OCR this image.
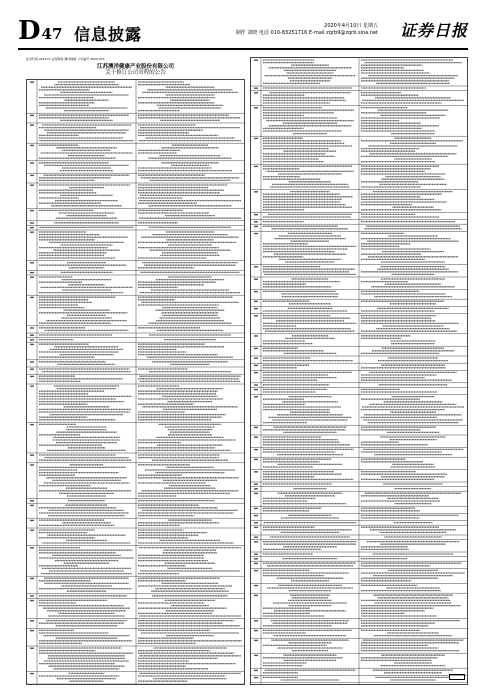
D47 信息披露	2020年4月10日 星期五
制作 刘晓 电话 010-83251716 E-mail zqrb9@zqrb.sina.net 证券日报
证券代码 002172 证券简称 澳洋健康 公告编号 2020-015
江苏澳洋健康产业股份有限公司
关于修订公司章程的公告
